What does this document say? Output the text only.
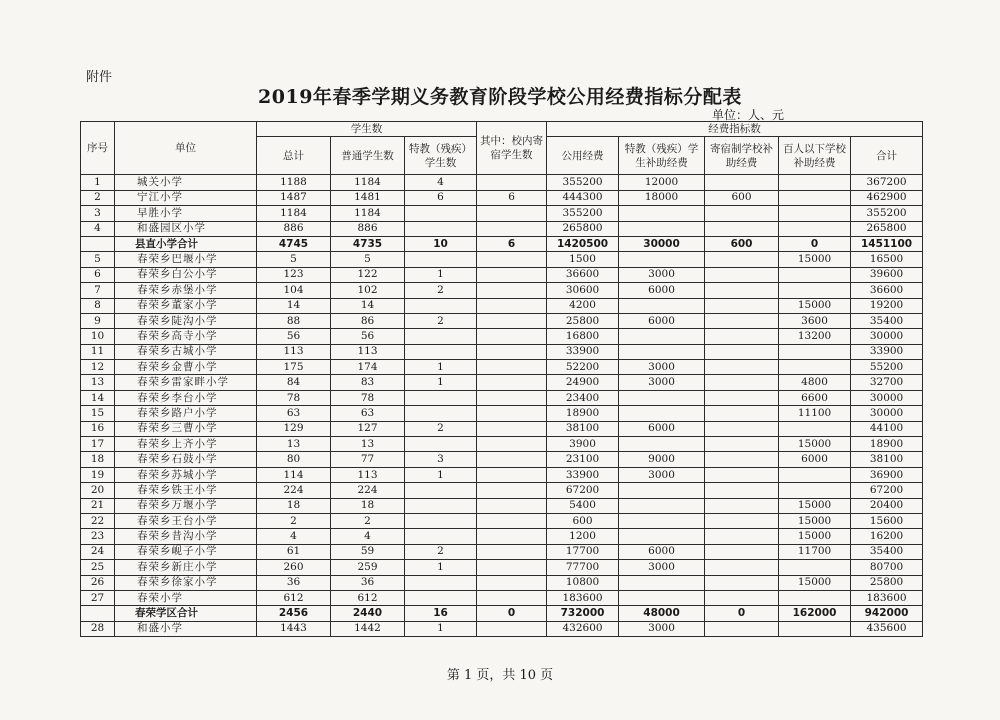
附件
2019年春季学期义务教育阶段学校公用经费指标分配表
单位：人、元
序号	单位	学生数			其中：校内寄宿学生数	经费指标数				
		总计	普通学生数	特教（残疾）学生数		公用经费	特教（残疾）学生补助经费	寄宿制学校补助经费	百人以下学校补助经费	合计
1	城关小学	1188	1184	4		355200	12000			367200
2	宁江小学	1487	1481	6	6	444300	18000	600		462900
3	早胜小学	1184	1184			355200				355200
4	和盛园区小学	886	886			265800				265800
	县直小学合计	4745	4735	10	6	1420500	30000	600	0	1451100
5	春荣乡巴堰小学	5	5			1500			15000	16500
6	春荣乡白公小学	123	122	1		36600	3000			39600
7	春荣乡赤堡小学	104	102	2		30600	6000			36600
8	春荣乡董家小学	14	14			4200			15000	19200
9	春荣乡陡沟小学	88	86	2		25800	6000		3600	35400
10	春荣乡高寺小学	56	56			16800			13200	30000
11	春荣乡古城小学	113	113			33900				33900
12	春荣乡金曹小学	175	174	1		52200	3000			55200
13	春荣乡雷家畔小学	84	83	1		24900	3000		4800	32700
14	春荣乡李台小学	78	78			23400			6600	30000
15	春荣乡路户小学	63	63			18900			11100	30000
16	春荣乡三曹小学	129	127	2		38100	6000			44100
17	春荣乡上齐小学	13	13			3900			15000	18900
18	春荣乡石鼓小学	80	77	3		23100	9000		6000	38100
19	春荣乡苏城小学	114	113	1		33900	3000			36900
20	春荣乡铁王小学	224	224			67200				67200
21	春荣乡万堰小学	18	18			5400			15000	20400
22	春荣乡王台小学	2	2			600			15000	15600
23	春荣乡昔沟小学	4	4			1200			15000	16200
24	春荣乡岘子小学	61	59	2		17700	6000		11700	35400
25	春荣乡新庄小学	260	259	1		77700	3000			80700
26	春荣乡徐家小学	36	36			10800			15000	25800
27	春荣小学	612	612			183600				183600
	春荣学区合计	2456	2440	16	0	732000	48000	0	162000	942000
28	和盛小学	1443	1442	1		432600	3000			435600
第 1 页，共 10 页
